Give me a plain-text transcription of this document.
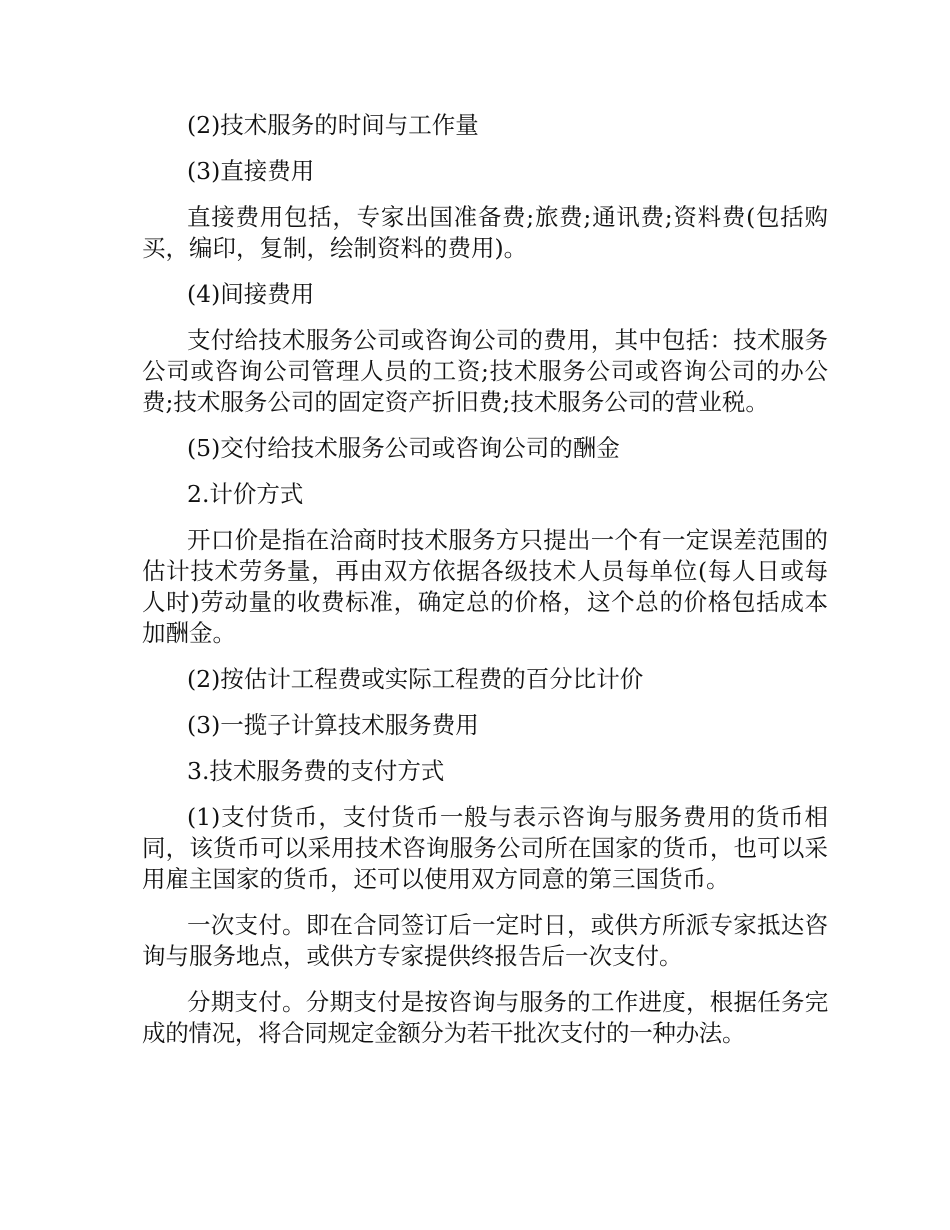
(2)技术服务的时间与工作量

(3)直接费用

直接费用包括，专家出国准备费;旅费;通讯费;资料费(包括购买，编印，复制，绘制资料的费用)。

(4)间接费用

支付给技术服务公司或咨询公司的费用，其中包括：技术服务公司或咨询公司管理人员的工资;技术服务公司或咨询公司的办公费;技术服务公司的固定资产折旧费;技术服务公司的营业税。

(5)交付给技术服务公司或咨询公司的酬金

2.计价方式

开口价是指在洽商时技术服务方只提出一个有一定误差范围的估计技术劳务量，再由双方依据各级技术人员每单位(每人日或每人时)劳动量的收费标准，确定总的价格，这个总的价格包括成本加酬金。

(2)按估计工程费或实际工程费的百分比计价

(3)一揽子计算技术服务费用

3.技术服务费的支付方式

(1)支付货币，支付货币一般与表示咨询与服务费用的货币相同，该货币可以采用技术咨询服务公司所在国家的货币，也可以采用雇主国家的货币，还可以使用双方同意的第三国货币。

一次支付。即在合同签订后一定时日，或供方所派专家抵达咨询与服务地点，或供方专家提供终报告后一次支付。

分期支付。分期支付是按咨询与服务的工作进度，根据任务完成的情况，将合同规定金额分为若干批次支付的一种办法。
